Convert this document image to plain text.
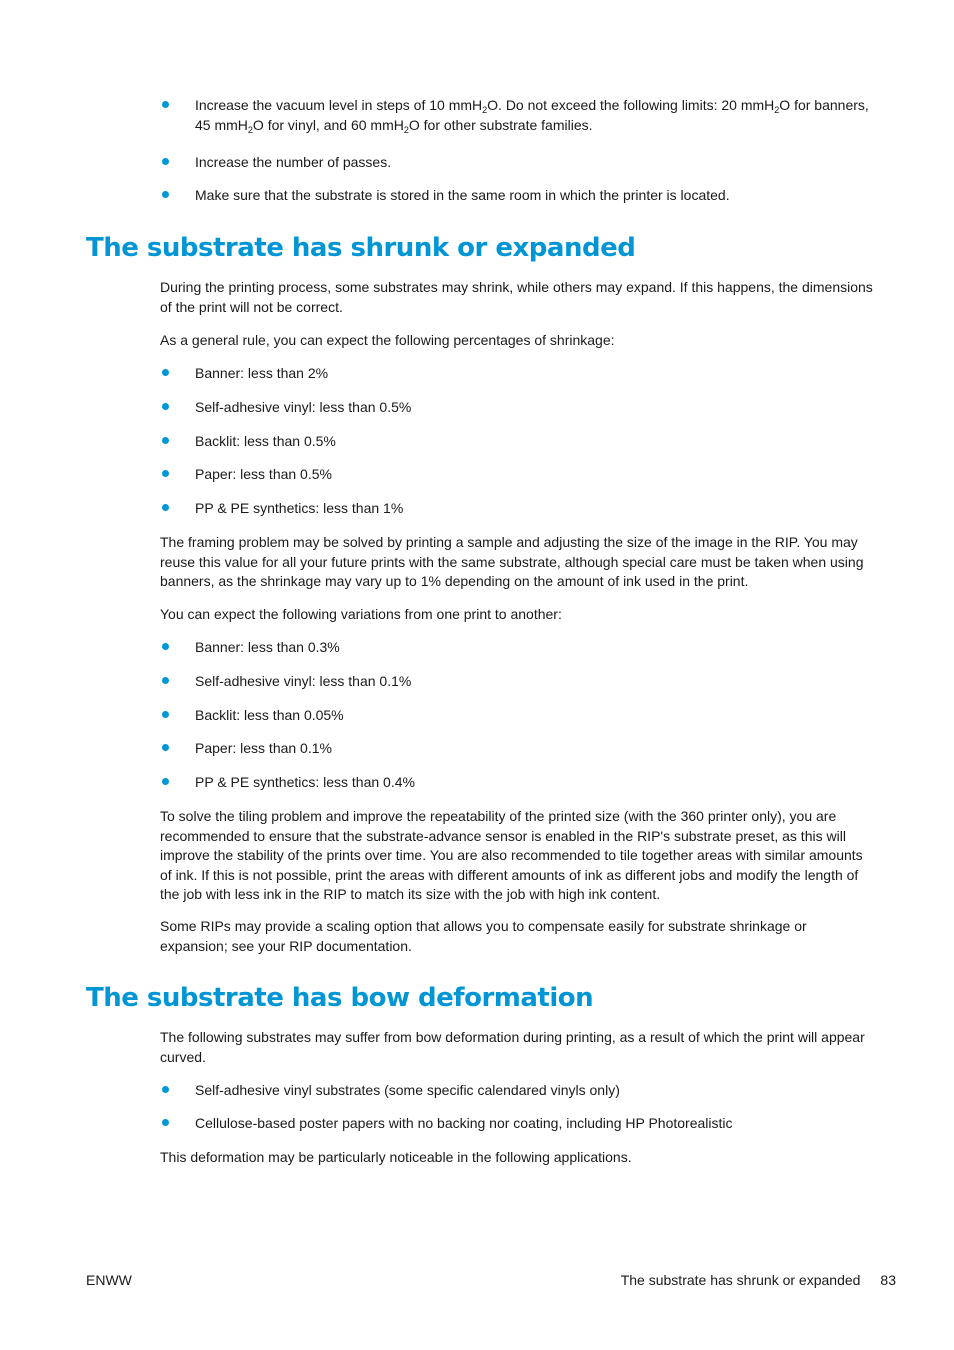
Increase the vacuum level in steps of 10 mmH$_2$O. Do not exceed the following limits: 20 mmH$_2$O for banners, 45 mmH$_2$O for vinyl, and 60 mmH$_2$O for other substrate families.
Increase the number of passes.
Make sure that the substrate is stored in the same room in which the printer is located.
The substrate has shrunk or expanded

During the printing process, some substrates may shrink, while others may expand. If this happens, the dimensions of the print will not be correct.

As a general rule, you can expect the following percentages of shrinkage:

Banner: less than 2%
Self-adhesive vinyl: less than 0.5%
Backlit: less than 0.5%
Paper: less than 0.5%
PP & PE synthetics: less than 1%

The framing problem may be solved by printing a sample and adjusting the size of the image in the RIP. You may reuse this value for all your future prints with the same substrate, although special care must be taken when using banners, as the shrinkage may vary up to 1% depending on the amount of ink used in the print.

You can expect the following variations from one print to another:

Banner: less than 0.3%
Self-adhesive vinyl: less than 0.1%
Backlit: less than 0.05%
Paper: less than 0.1%
PP & PE synthetics: less than 0.4%

To solve the tiling problem and improve the repeatability of the printed size (with the 360 printer only), you are recommended to ensure that the substrate-advance sensor is enabled in the RIP's substrate preset, as this will improve the stability of the prints over time. You are also recommended to tile together areas with similar amounts of ink. If this is not possible, print the areas with different amounts of ink as different jobs and modify the length of the job with less ink in the RIP to match its size with the job with high ink content.

Some RIPs may provide a scaling option that allows you to compensate easily for substrate shrinkage or expansion; see your RIP documentation.

The substrate has bow deformation

The following substrates may suffer from bow deformation during printing, as a result of which the print will appear curved.

Self-adhesive vinyl substrates (some specific calendared vinyls only)
Cellulose-based poster papers with no backing nor coating, including HP Photorealistic

This deformation may be particularly noticeable in the following applications.

ENWW	The substrate has shrunk or expanded 83
